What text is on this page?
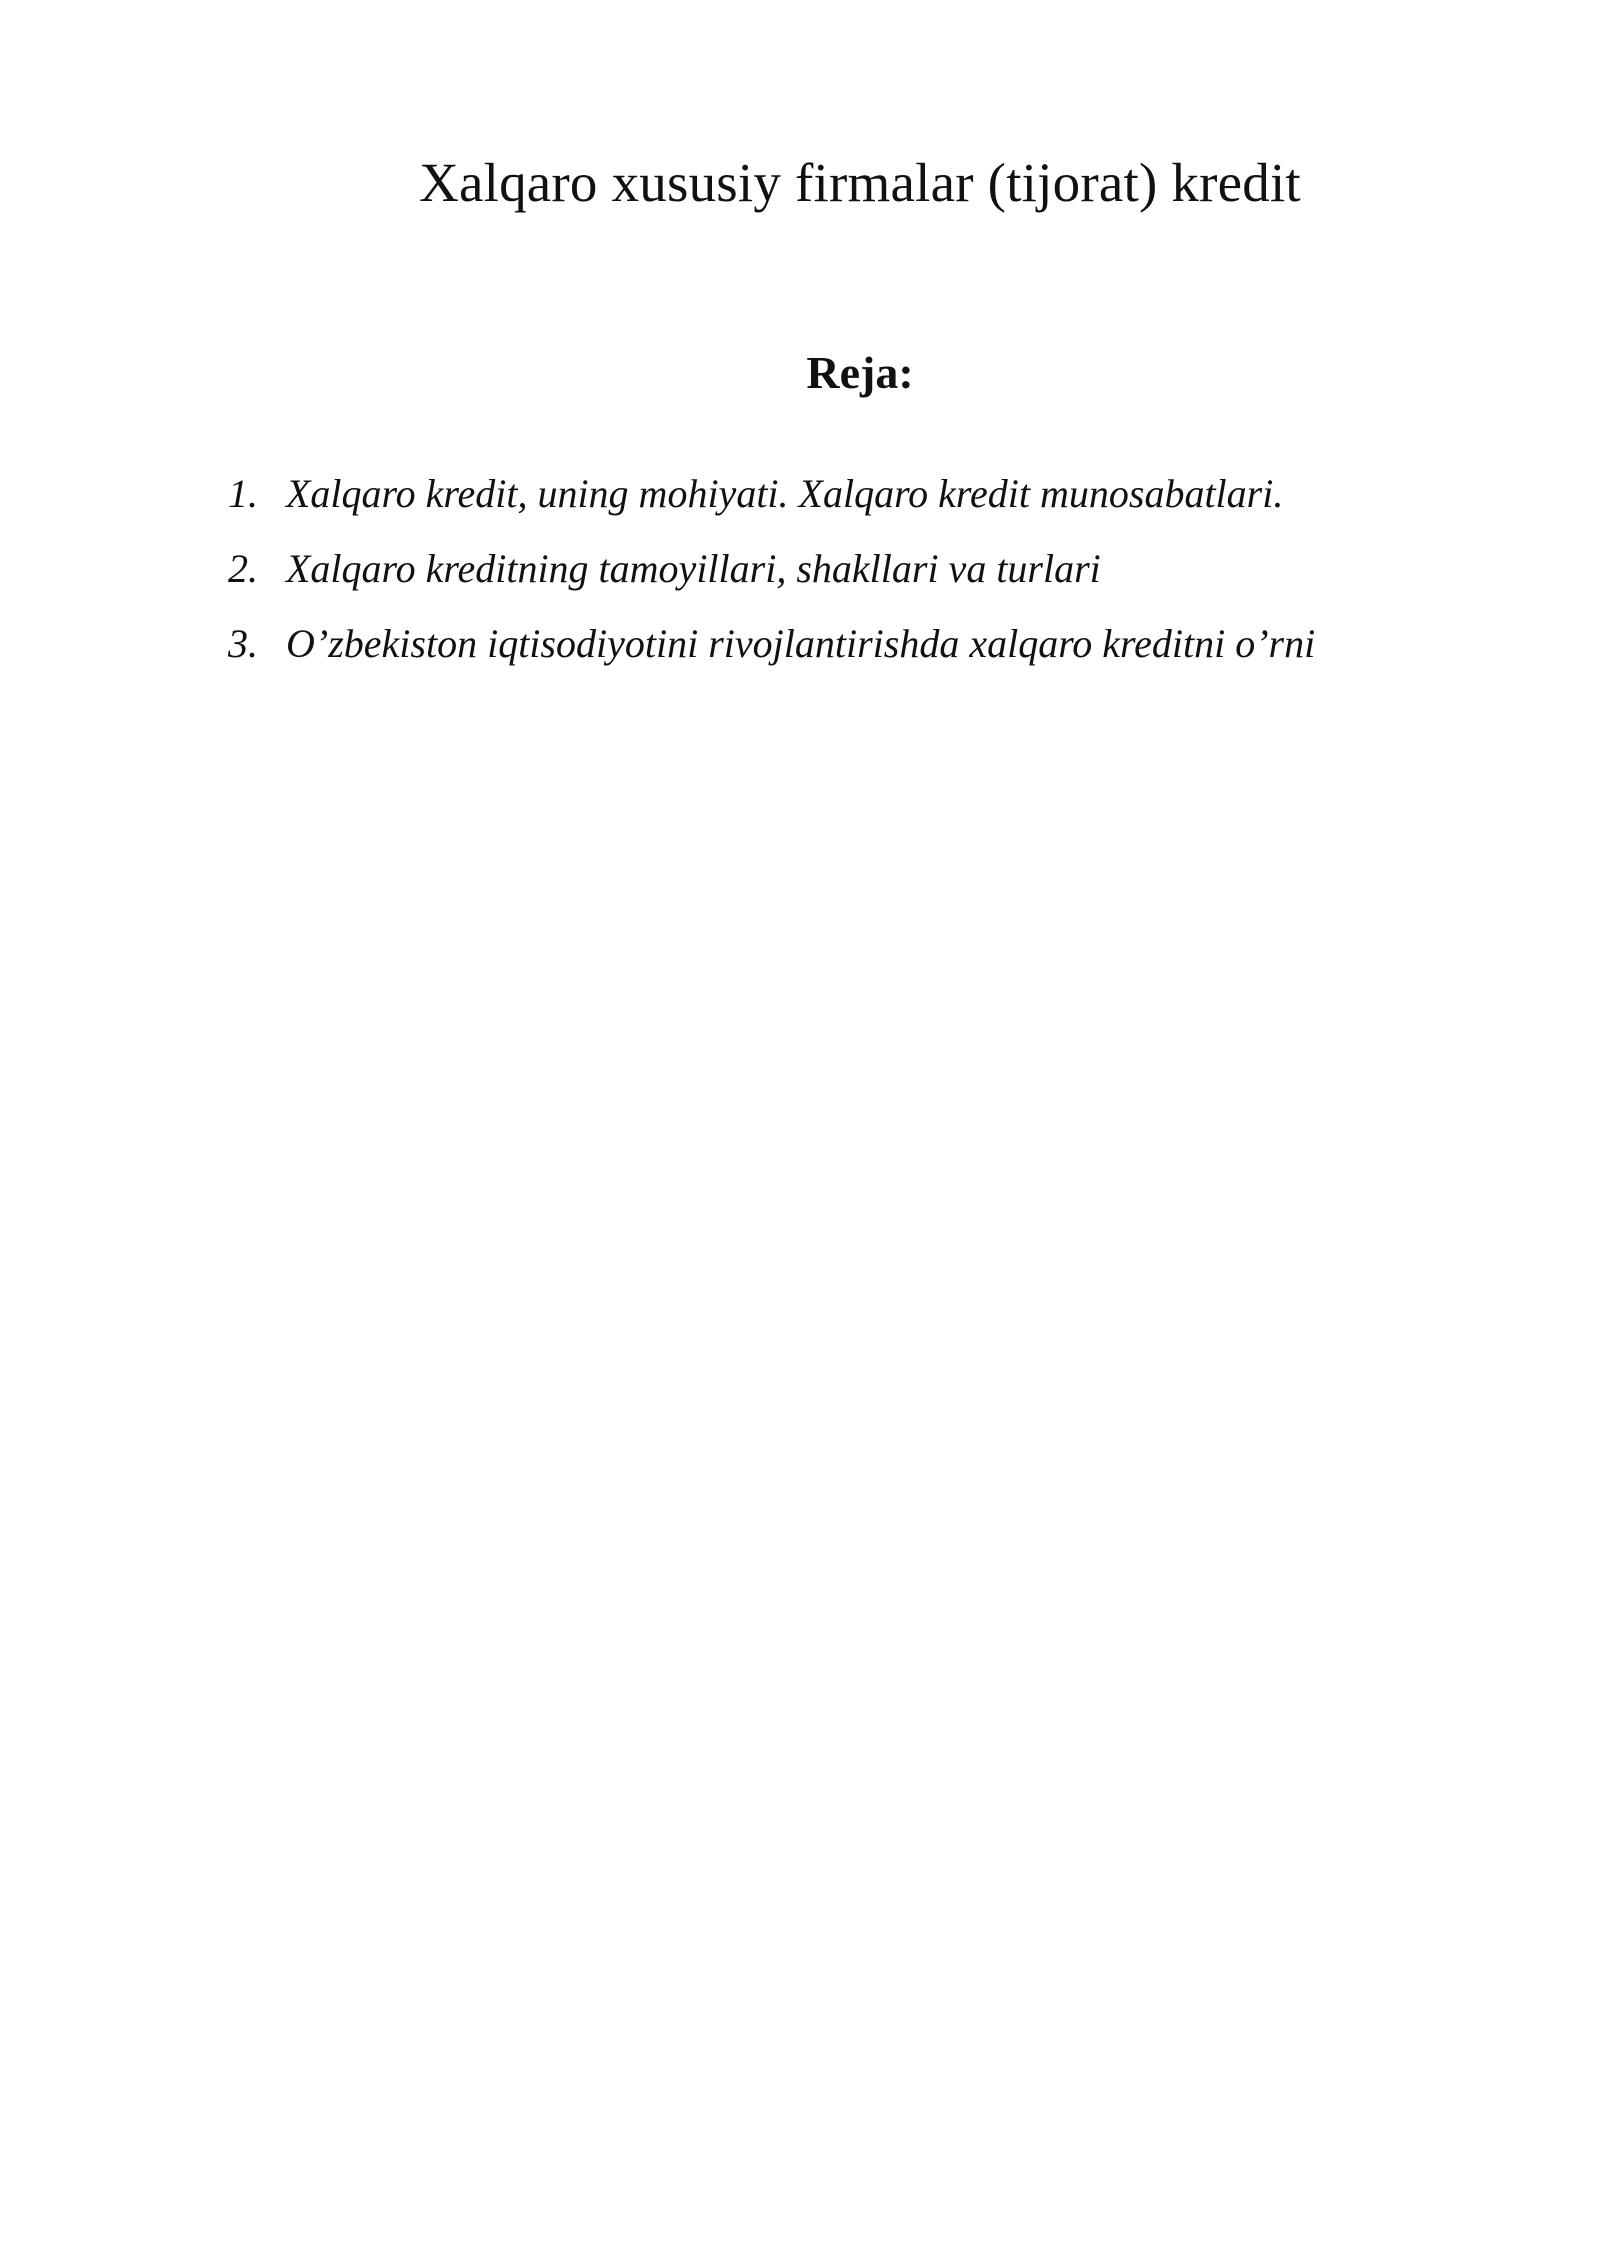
Xalqaro xususiy firmalar (tijorat) kredit
Reja:
1. Xalqaro kredit, uning mohiyati. Xalqaro kredit munosabatlari.
2. Xalqaro kreditning tamoyillari, shakllari va turlari
3. O’zbekiston iqtisodiyotini rivojlantirishda xalqaro kreditni o’rni
